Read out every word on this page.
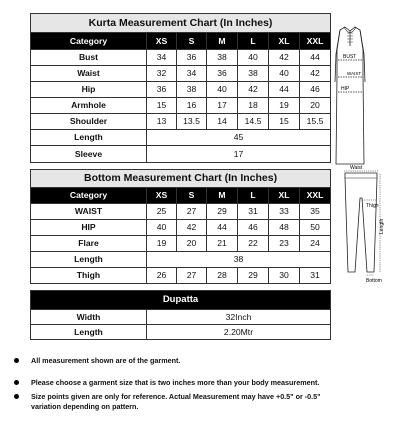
Kurta Measurement Chart (In Inches)						
Category	XS	S	M	L	XL	XXL
Bust	34	36	38	40	42	44
Waist	32	34	36	38	40	42
Hip	36	38	40	42	44	46
Armhole	15	16	17	18	19	20
Shoulder	13	13.5	14	14.5	15	15.5
Length	45					
Sleeve	17					
BUST
WAIST
HIP
Bottom Measurement Chart (In Inches)						
Category	XS	S	M	L	XL	XXL
WAIST	25	27	29	31	33	35
HIP	40	42	44	46	48	50
Flare	19	20	21	22	23	24
Length	38					
Thigh	26	27	28	29	30	31
Waist
Thigh
Length
Bottom
Dupatta	
Width	32Inch
Length	2.20Mtr
All measurement shown are of the garment.
Please choose a garment size that is two inches more than your body measurement.
Size points given are only for reference. Actual Measurement may have +0.5" or -0.5" variation depending on pattern.
